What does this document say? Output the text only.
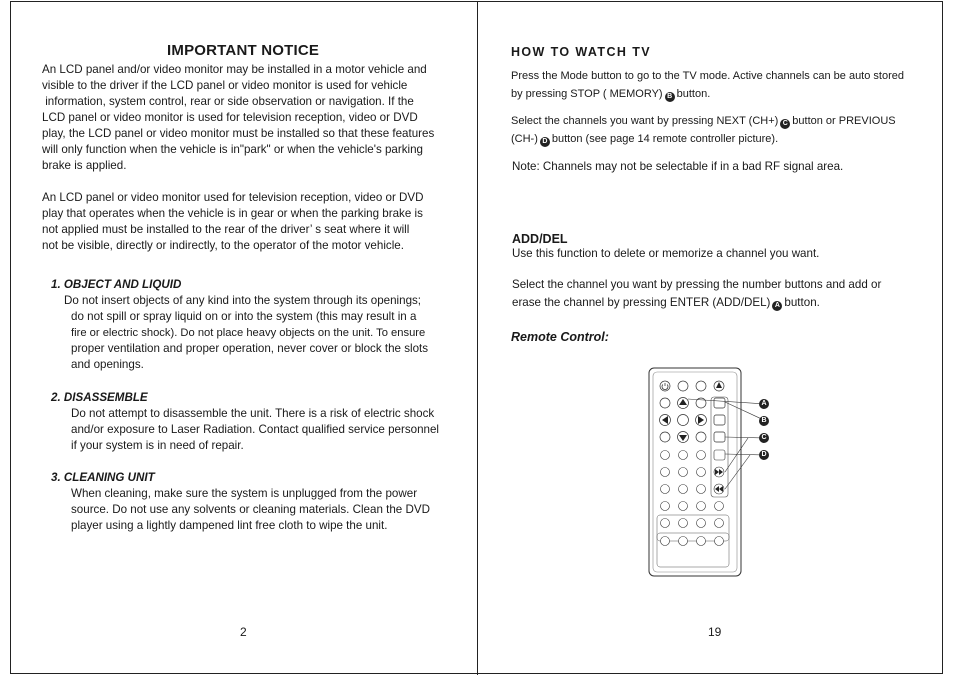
IMPORTANT NOTICE
An LCD panel and/or video monitor may be installed in a motor vehicle and
visible to the driver if the LCD panel or video monitor is used for vehicle
information, system control, rear or side observation or navigation. If the
LCD panel or video monitor is used for television reception, video or DVD
play, the LCD panel or video monitor must be installed so that these features
will only function when the vehicle is in"park" or when the vehicle's parking
brake is applied.
An LCD panel or video monitor used for television reception, video or DVD
play that operates when the vehicle is in gear or when the parking brake is
not applied must be installed to the rear of the driver’ s seat where it will
not be visible, directly or indirectly, to the operator of the motor vehicle.
1. OBJECT AND LIQUID
Do not insert objects of any kind into the system through its openings;
do not spill or spray liquid on or into the system (this may result in a
fire or electric shock). Do not place heavy objects on the unit. To ensure
proper ventilation and proper operation, never cover or block the slots
and openings.
2. DISASSEMBLE
Do not attempt to disassemble the unit. There is a risk of electric shock
and/or exposure to Laser Radiation. Contact qualified service personnel
if your system is in need of repair.
3. CLEANING UNIT
When cleaning, make sure the system is unplugged from the power
source. Do not use any solvents or cleaning materials. Clean the DVD
player using a lightly dampened lint free cloth to wipe the unit.
2
HOW TO WATCH TV
Press the Mode button to go to the TV mode. Active channels can be auto stored
by pressing STOP ( MEMORY) B button.
Select the channels you want by pressing NEXT (CH+) C button or PREVIOUS
(CH-) D button (see page 14 remote controller picture).
Note: Channels may not be selectable if in a bad RF signal area.
ADD/DEL
Use this function to delete or memorize a channel you want.
Select the channel you want by pressing the number buttons and add or
erase the channel by pressing ENTER (ADD/DEL) A button.
Remote Control:
A
B
C
D
19
